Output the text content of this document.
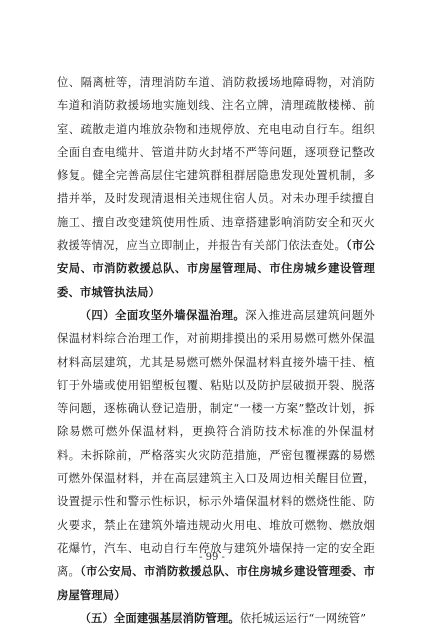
位、隔离桩等，清理消防车道、消防救援场地障碍物，对消防车道和消防救援场地实施划线、注名立牌，清理疏散楼梯、前室、疏散走道内堆放杂物和违规停放、充电电动自行车。组织全面自查电缆井、管道井防火封堵不严等问题，逐项登记整改修复。健全完善高层住宅建筑群租群居隐患发现处置机制，多措并举，及时发现清退相关违规住宿人员。对未办理手续擅自施工、擅自改变建筑使用性质、违章搭建影响消防安全和灭火救援等情况，应当立即制止，并报告有关部门依法查处。（市公安局、市消防救援总队、市房屋管理局、市住房城乡建设管理委、市城管执法局）

（四）全面攻坚外墙保温治理。深入推进高层建筑问题外保温材料综合治理工作，对前期排摸出的采用易燃可燃外保温材料高层建筑，尤其是易燃可燃外保温材料直接外墙干挂、植钉于外墙或使用铝塑板包覆、粘贴以及防护层破损开裂、脱落等问题，逐栋确认登记造册，制定“一楼一方案”整改计划，拆除易燃可燃外保温材料，更换符合消防技术标准的外保温材料。未拆除前，严格落实火灾防范措施，严密包覆裸露的易燃可燃外保温材料，并在高层建筑主入口及周边相关醒目位置，设置提示性和警示性标识，标示外墙保温材料的燃烧性能、防火要求，禁止在建筑外墙违规动火用电、堆放可燃物、燃放烟花爆竹，汽车、电动自行车停放与建筑外墙保持一定的安全距离。（市公安局、市消防救援总队、市住房城乡建设管理委、市房屋管理局）

（五）全面建强基层消防管理。依托城运运行“一网统管”

- 99 -
